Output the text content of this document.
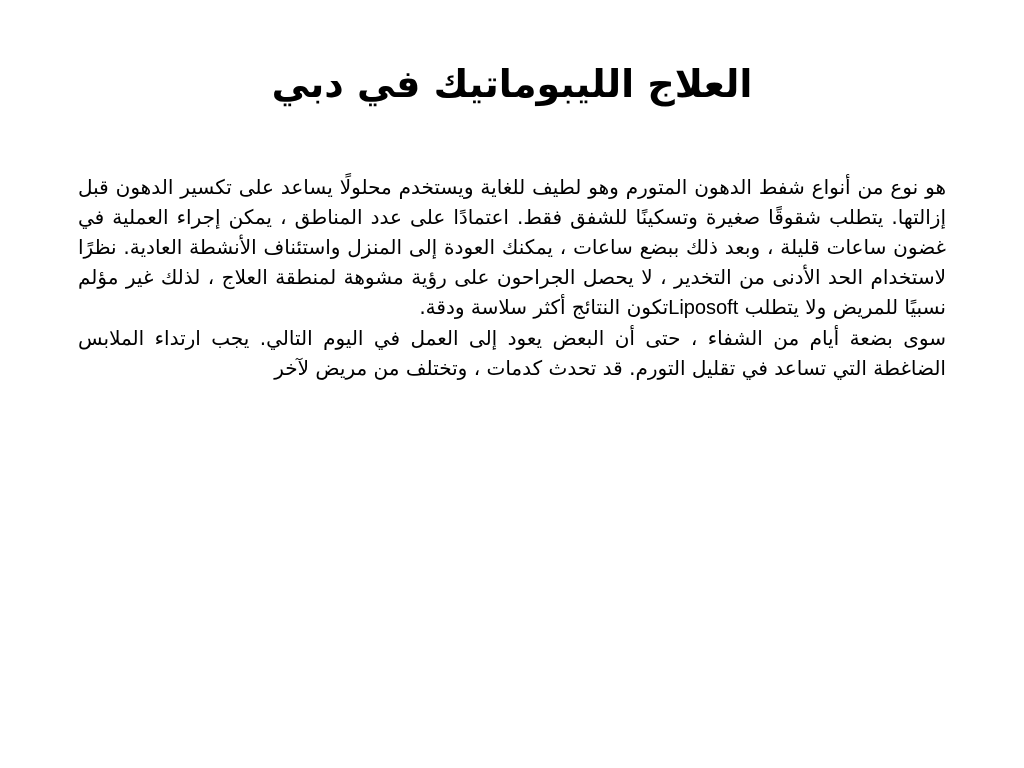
العلاج الليبوماتيك في دبي

هو نوع من أنواع شفط الدهون المتورم وهو لطيف للغاية ويستخدم محلولًا يساعد على تكسير الدهون قبل إزالتها. يتطلب شقوقًا صغيرة وتسكينًا للشفق فقط. اعتمادًا على عدد المناطق ، يمكن إجراء العملية في غضون ساعات قليلة ، وبعد ذلك ببضع ساعات ، يمكنك العودة إلى المنزل واستئناف الأنشطة العادية. نظرًا لاستخدام الحد الأدنى من التخدير ، لا يحصل الجراحون على رؤية مشوهة لمنطقة العلاج ، لذلك غير مؤلم نسبيًا للمريض ولا يتطلب Liposoftتكون النتائج أكثر سلاسة ودقة.

سوى بضعة أيام من الشفاء ، حتى أن البعض يعود إلى العمل في اليوم التالي. يجب ارتداء الملابس الضاغطة التي تساعد في تقليل التورم. قد تحدث كدمات ، وتختلف من مريض لآخر
